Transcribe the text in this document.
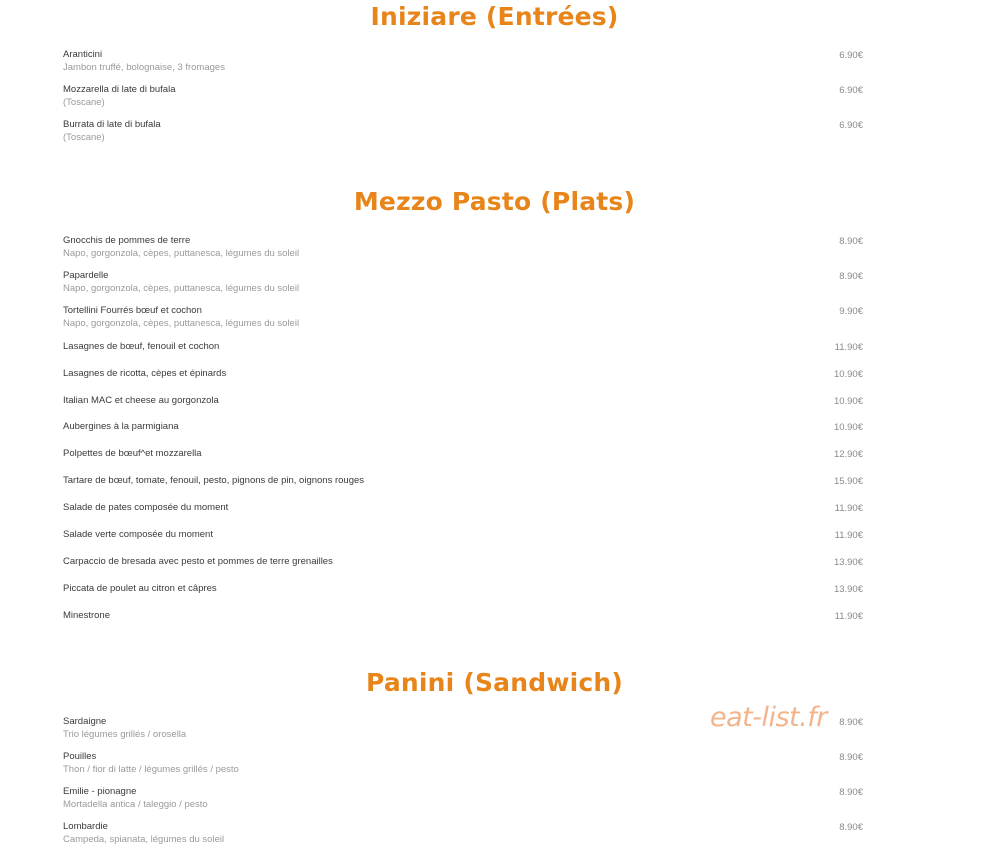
Iniziare (Entrées)
Aranticini
Jambon truffé, bolognaise, 3 fromages
6.90€
Mozzarella di late di bufala
(Toscane)
6.90€
Burrata di late di bufala
(Toscane)
6.90€
Mezzo Pasto (Plats)
Gnocchis de pommes de terre
Napo, gorgonzola, cèpes, puttanesca, légumes du soleil
8.90€
Papardelle
Napo, gorgonzola, cèpes, puttanesca, légumes du soleil
8.90€
Tortellini Fourrés bœuf et cochon
Napo, gorgonzola, cèpes, puttanesca, légumes du soleil
9.90€
Lasagnes de bœuf, fenouil et cochon	11.90€
Lasagnes de ricotta, cèpes et épinards	10.90€
Italian MAC et cheese au gorgonzola	10.90€
Aubergines à la parmigiana	10.90€
Polpettes de bœuf^et mozzarella	12.90€
Tartare de bœuf, tomate, fenouil, pesto, pignons de pin, oignons rouges	15.90€
Salade de pates composée du moment	11.90€
Salade verte composée du moment	11.90€
Carpaccio de bresada avec pesto et pommes de terre grenailles	13.90€
Piccata de poulet au citron et câpres	13.90€
Minestrone	11.90€
Panini (Sandwich)
Sardaigne
Trio légumes grillés / orosella
8.90€
Pouilles
Thon / fior di latte / légumes grillés / pesto
8.90€
Emilie - pionagne
Mortadella antica / taleggio / pesto
8.90€
Lombardie
Campeda, spianata, légumes du soleil
8.90€
eat-list.fr
